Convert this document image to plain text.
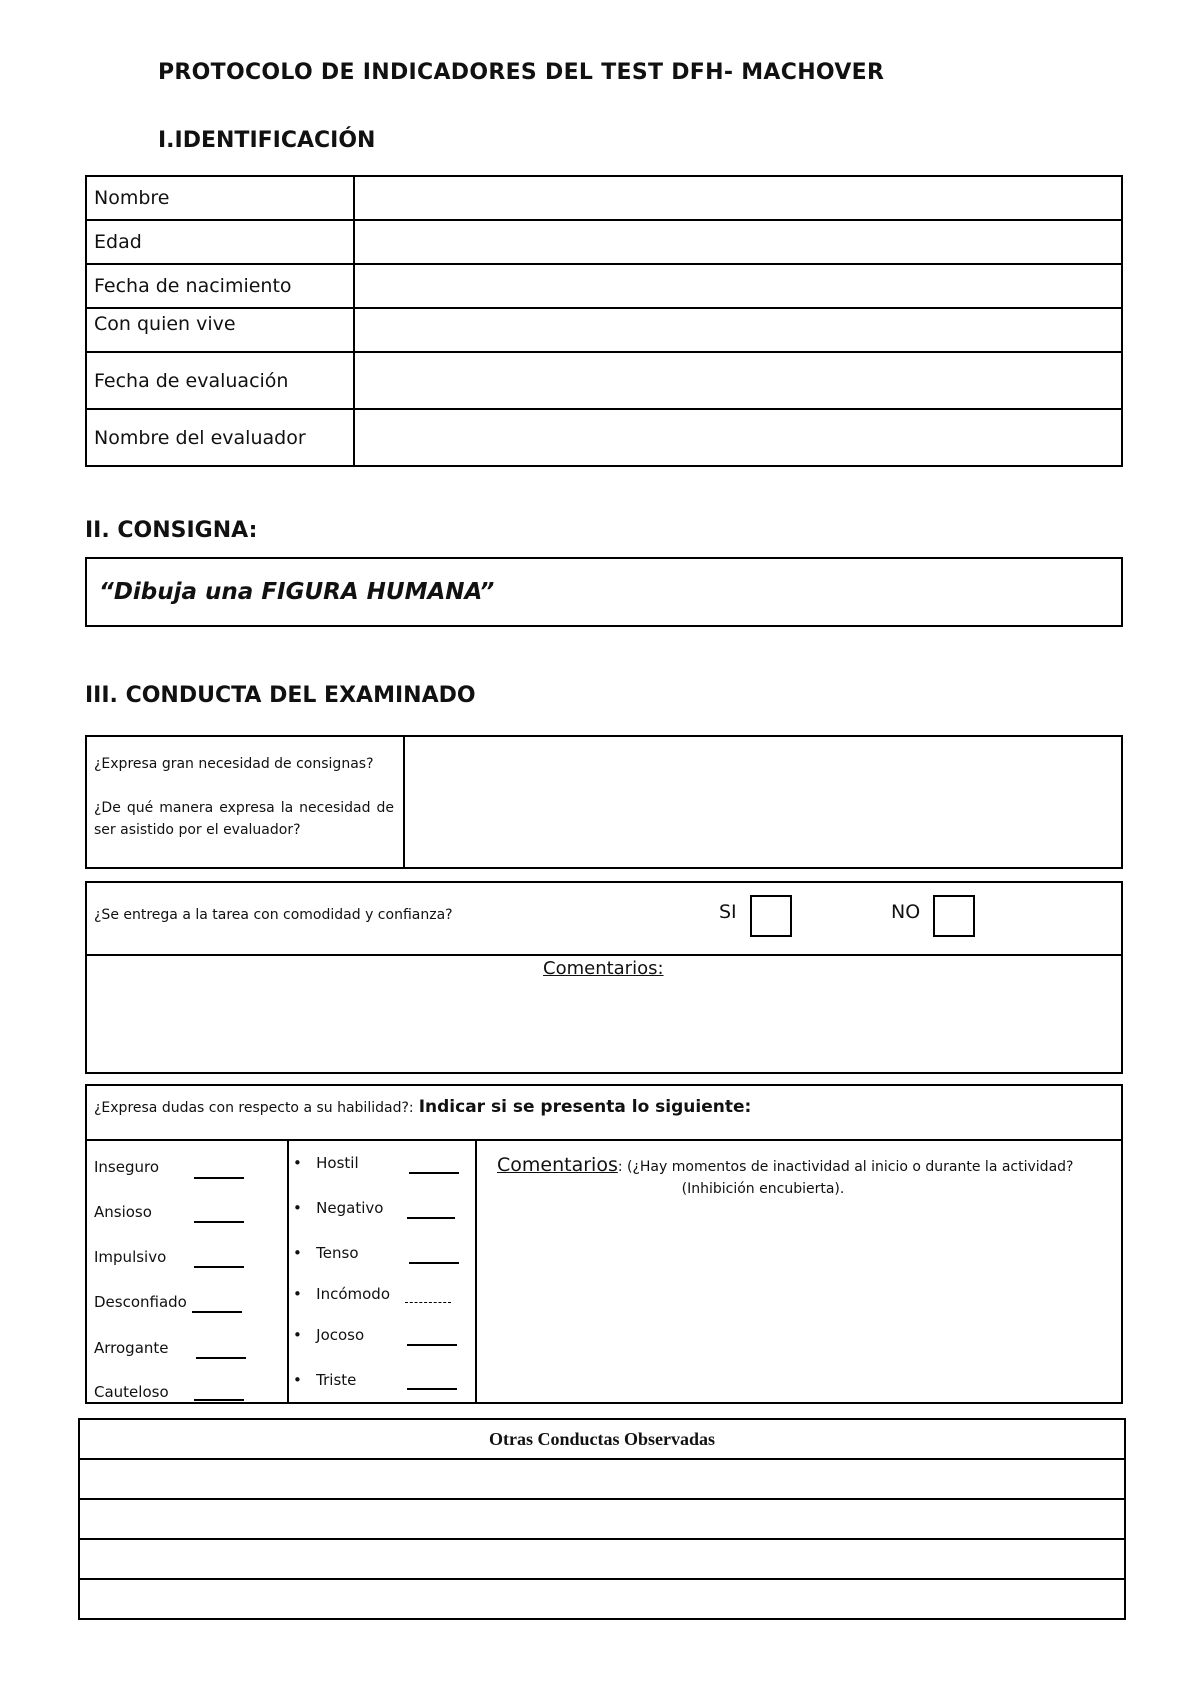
PROTOCOLO DE INDICADORES DEL TEST DFH- MACHOVER
I.IDENTIFICACIÓN
Nombre	
Edad	
Fecha de nacimiento	
Con quien vive	
Fecha de evaluación	
Nombre del evaluador	
II. CONSIGNA:
“Dibuja una FIGURA HUMANA”
III. CONDUCTA DEL EXAMINADO
¿Expresa gran necesidad de consignas?
¿De qué manera expresa la necesidad de ser asistido por el evaluador?
¿Se entrega a la tarea con comodidad y confianza?	SI	NO
Comentarios:
¿Expresa dudas con respecto a su habilidad?: Indicar si se presenta lo siguiente:
Inseguro
Ansioso
Impulsivo
Desconfiado
Arrogante
Cauteloso
•   Hostil
•   Negativo
•   Tenso
•   Incómodo
•   Jocoso
•   Triste
Comentarios: (¿Hay momentos de inactividad al inicio o durante la actividad?
(Inhibición encubierta).
Otras Conductas Observadas
